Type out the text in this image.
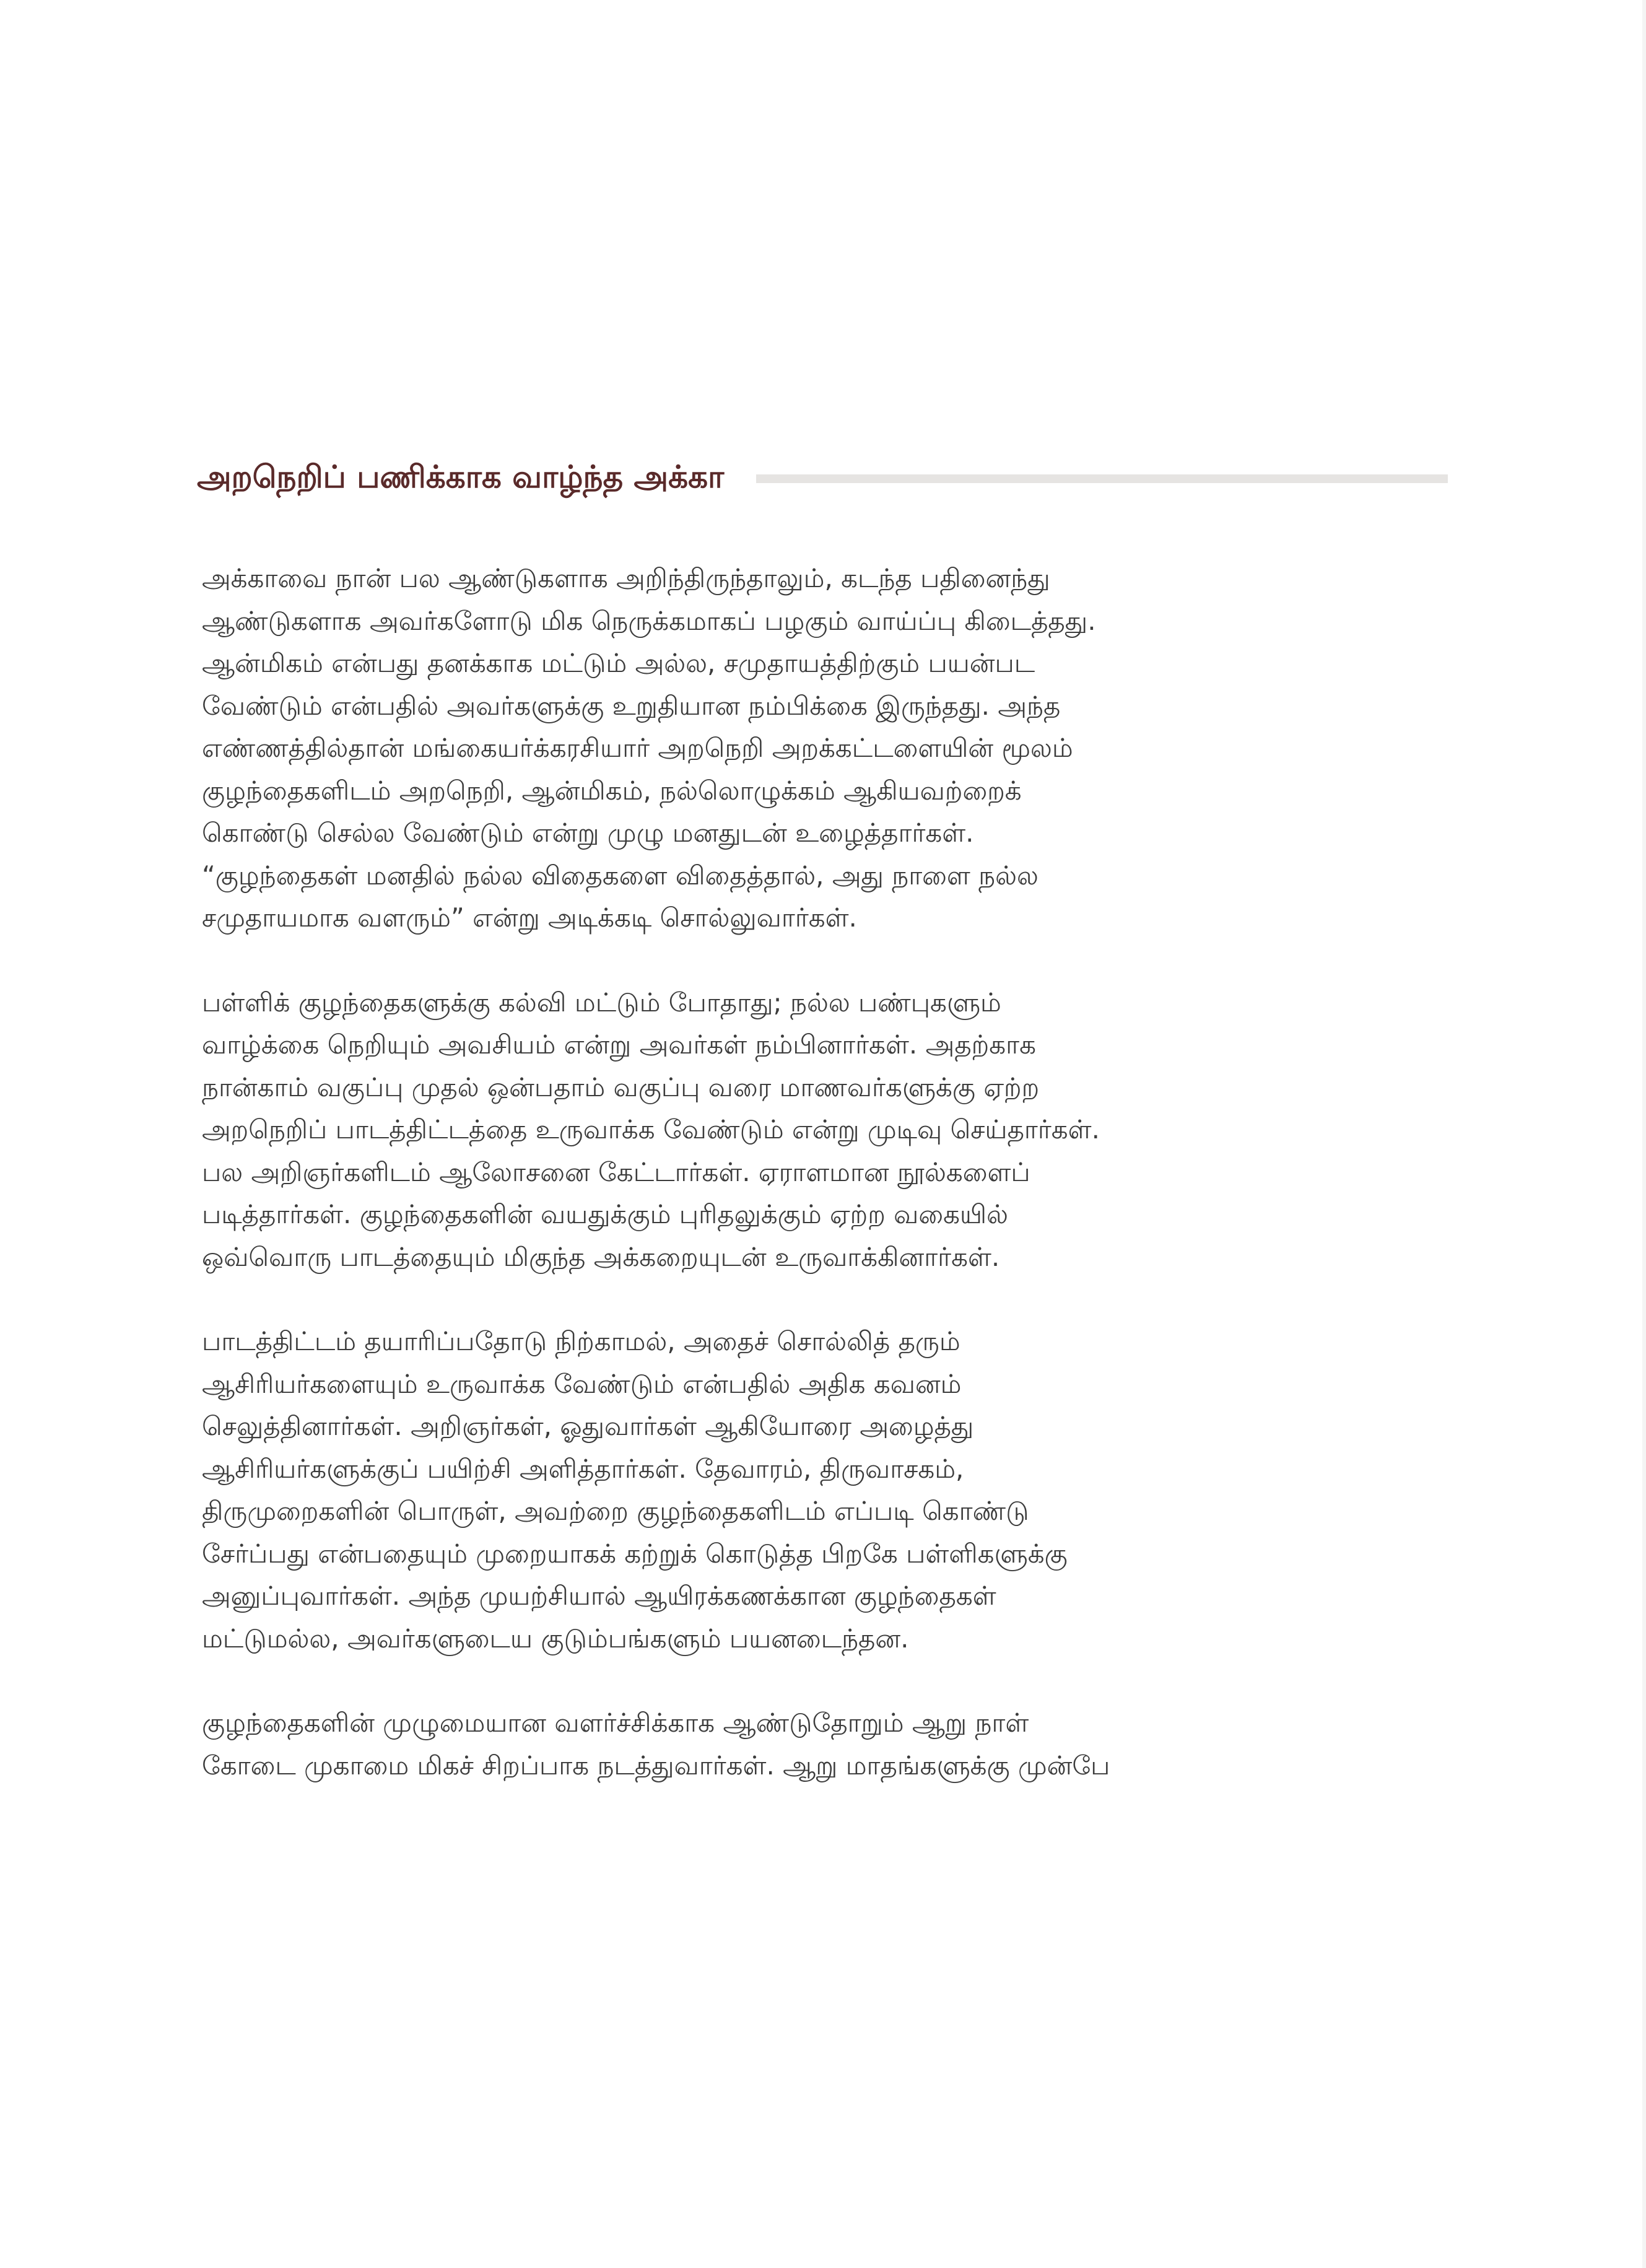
அறநெறிப் பணிக்காக வாழ்ந்த அக்கா

அக்காவை நான் பல ஆண்டுகளாக அறிந்திருந்தாலும், கடந்த பதினைந்து
ஆண்டுகளாக அவர்களோடு மிக நெருக்கமாகப் பழகும் வாய்ப்பு கிடைத்தது.
ஆன்மிகம் என்பது தனக்காக மட்டும் அல்ல, சமுதாயத்திற்கும் பயன்பட
வேண்டும் என்பதில் அவர்களுக்கு உறுதியான நம்பிக்கை இருந்தது. அந்த
எண்ணத்தில்தான் மங்கையர்க்கரசியார் அறநெறி அறக்கட்டளையின் மூலம்
குழந்தைகளிடம் அறநெறி, ஆன்மிகம், நல்லொழுக்கம் ஆகியவற்றைக்
கொண்டு செல்ல வேண்டும் என்று முழு மனதுடன் உழைத்தார்கள்.
“குழந்தைகள் மனதில் நல்ல விதைகளை விதைத்தால், அது நாளை நல்ல
சமுதாயமாக வளரும்” என்று அடிக்கடி சொல்லுவார்கள்.

பள்ளிக் குழந்தைகளுக்கு கல்வி மட்டும் போதாது; நல்ல பண்புகளும்
வாழ்க்கை நெறியும் அவசியம் என்று அவர்கள் நம்பினார்கள். அதற்காக
நான்காம் வகுப்பு முதல் ஒன்பதாம் வகுப்பு வரை மாணவர்களுக்கு ஏற்ற
அறநெறிப் பாடத்திட்டத்தை உருவாக்க வேண்டும் என்று முடிவு செய்தார்கள்.
பல அறிஞர்களிடம் ஆலோசனை கேட்டார்கள். ஏராளமான நூல்களைப்
படித்தார்கள். குழந்தைகளின் வயதுக்கும் புரிதலுக்கும் ஏற்ற வகையில்
ஒவ்வொரு பாடத்தையும் மிகுந்த அக்கறையுடன் உருவாக்கினார்கள்.

பாடத்திட்டம் தயாரிப்பதோடு நிற்காமல், அதைச் சொல்லித் தரும்
ஆசிரியர்களையும் உருவாக்க வேண்டும் என்பதில் அதிக கவனம்
செலுத்தினார்கள். அறிஞர்கள், ஓதுவார்கள் ஆகியோரை அழைத்து
ஆசிரியர்களுக்குப் பயிற்சி அளித்தார்கள். தேவாரம், திருவாசகம்,
திருமுறைகளின் பொருள், அவற்றை குழந்தைகளிடம் எப்படி கொண்டு
சேர்ப்பது என்பதையும் முறையாகக் கற்றுக் கொடுத்த பிறகே பள்ளிகளுக்கு
அனுப்புவார்கள். அந்த முயற்சியால் ஆயிரக்கணக்கான குழந்தைகள்
மட்டுமல்ல, அவர்களுடைய குடும்பங்களும் பயனடைந்தன.

குழந்தைகளின் முழுமையான வளர்ச்சிக்காக ஆண்டுதோறும் ஆறு நாள்
கோடை முகாமை மிகச் சிறப்பாக நடத்துவார்கள். ஆறு மாதங்களுக்கு முன்பே
